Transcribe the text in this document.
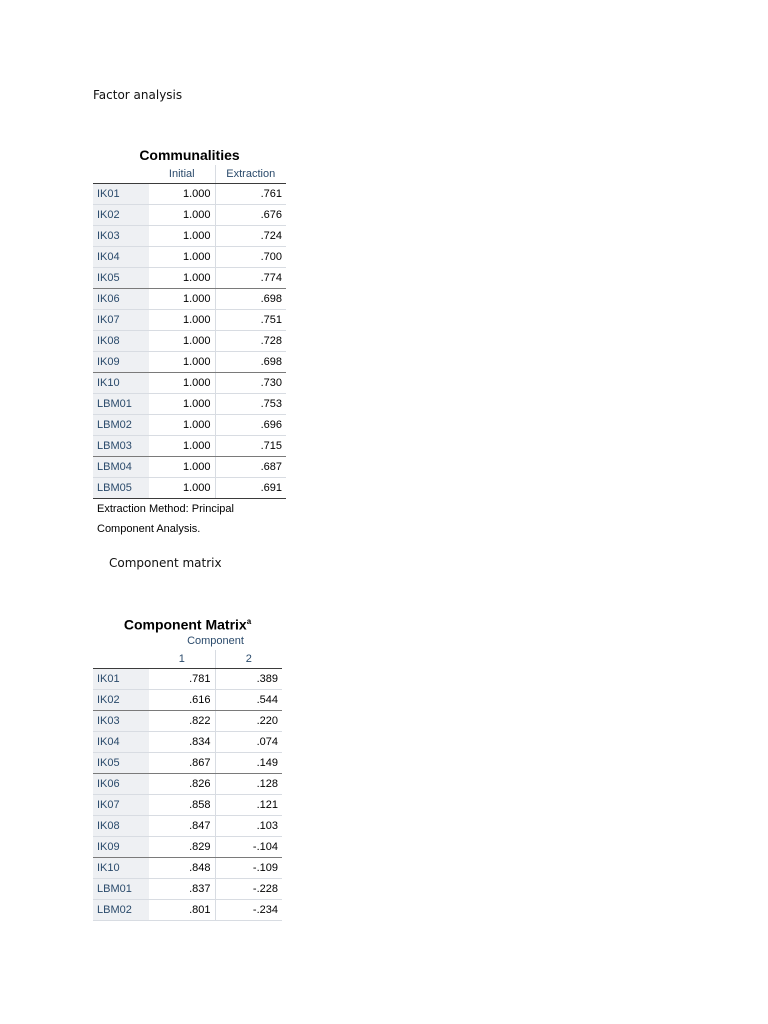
Factor analysis
Communalities
	Initial	Extraction
IK01	1.000	.761
IK02	1.000	.676
IK03	1.000	.724
IK04	1.000	.700
IK05	1.000	.774
IK06	1.000	.698
IK07	1.000	.751
IK08	1.000	.728
IK09	1.000	.698
IK10	1.000	.730
LBM01	1.000	.753
LBM02	1.000	.696
LBM03	1.000	.715
LBM04	1.000	.687
LBM05	1.000	.691
Extraction Method: Principal
Component Analysis.
Component matrix
Component Matrix$^a$
	Component	
	1	2
IK01	.781	.389
IK02	.616	.544
IK03	.822	.220
IK04	.834	.074
IK05	.867	.149
IK06	.826	.128
IK07	.858	.121
IK08	.847	.103
IK09	.829	-.104
IK10	.848	-.109
LBM01	.837	-.228
LBM02	.801	-.234
